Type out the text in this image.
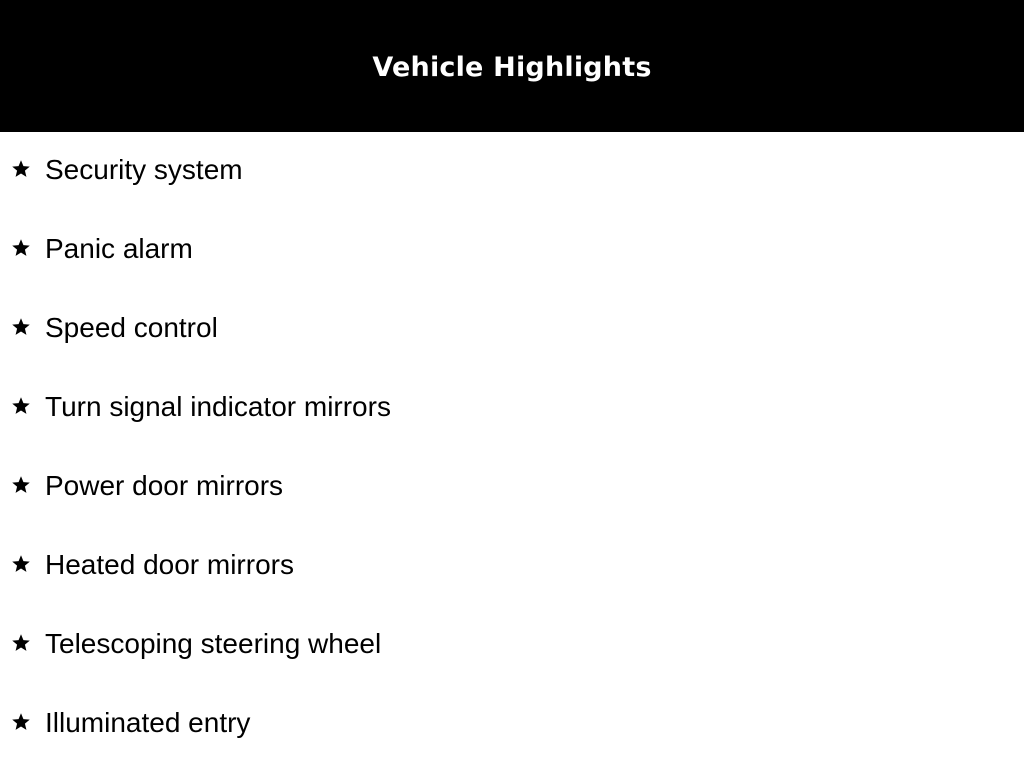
Vehicle Highlights
Security system
Panic alarm
Speed control
Turn signal indicator mirrors
Power door mirrors
Heated door mirrors
Telescoping steering wheel
Illuminated entry
